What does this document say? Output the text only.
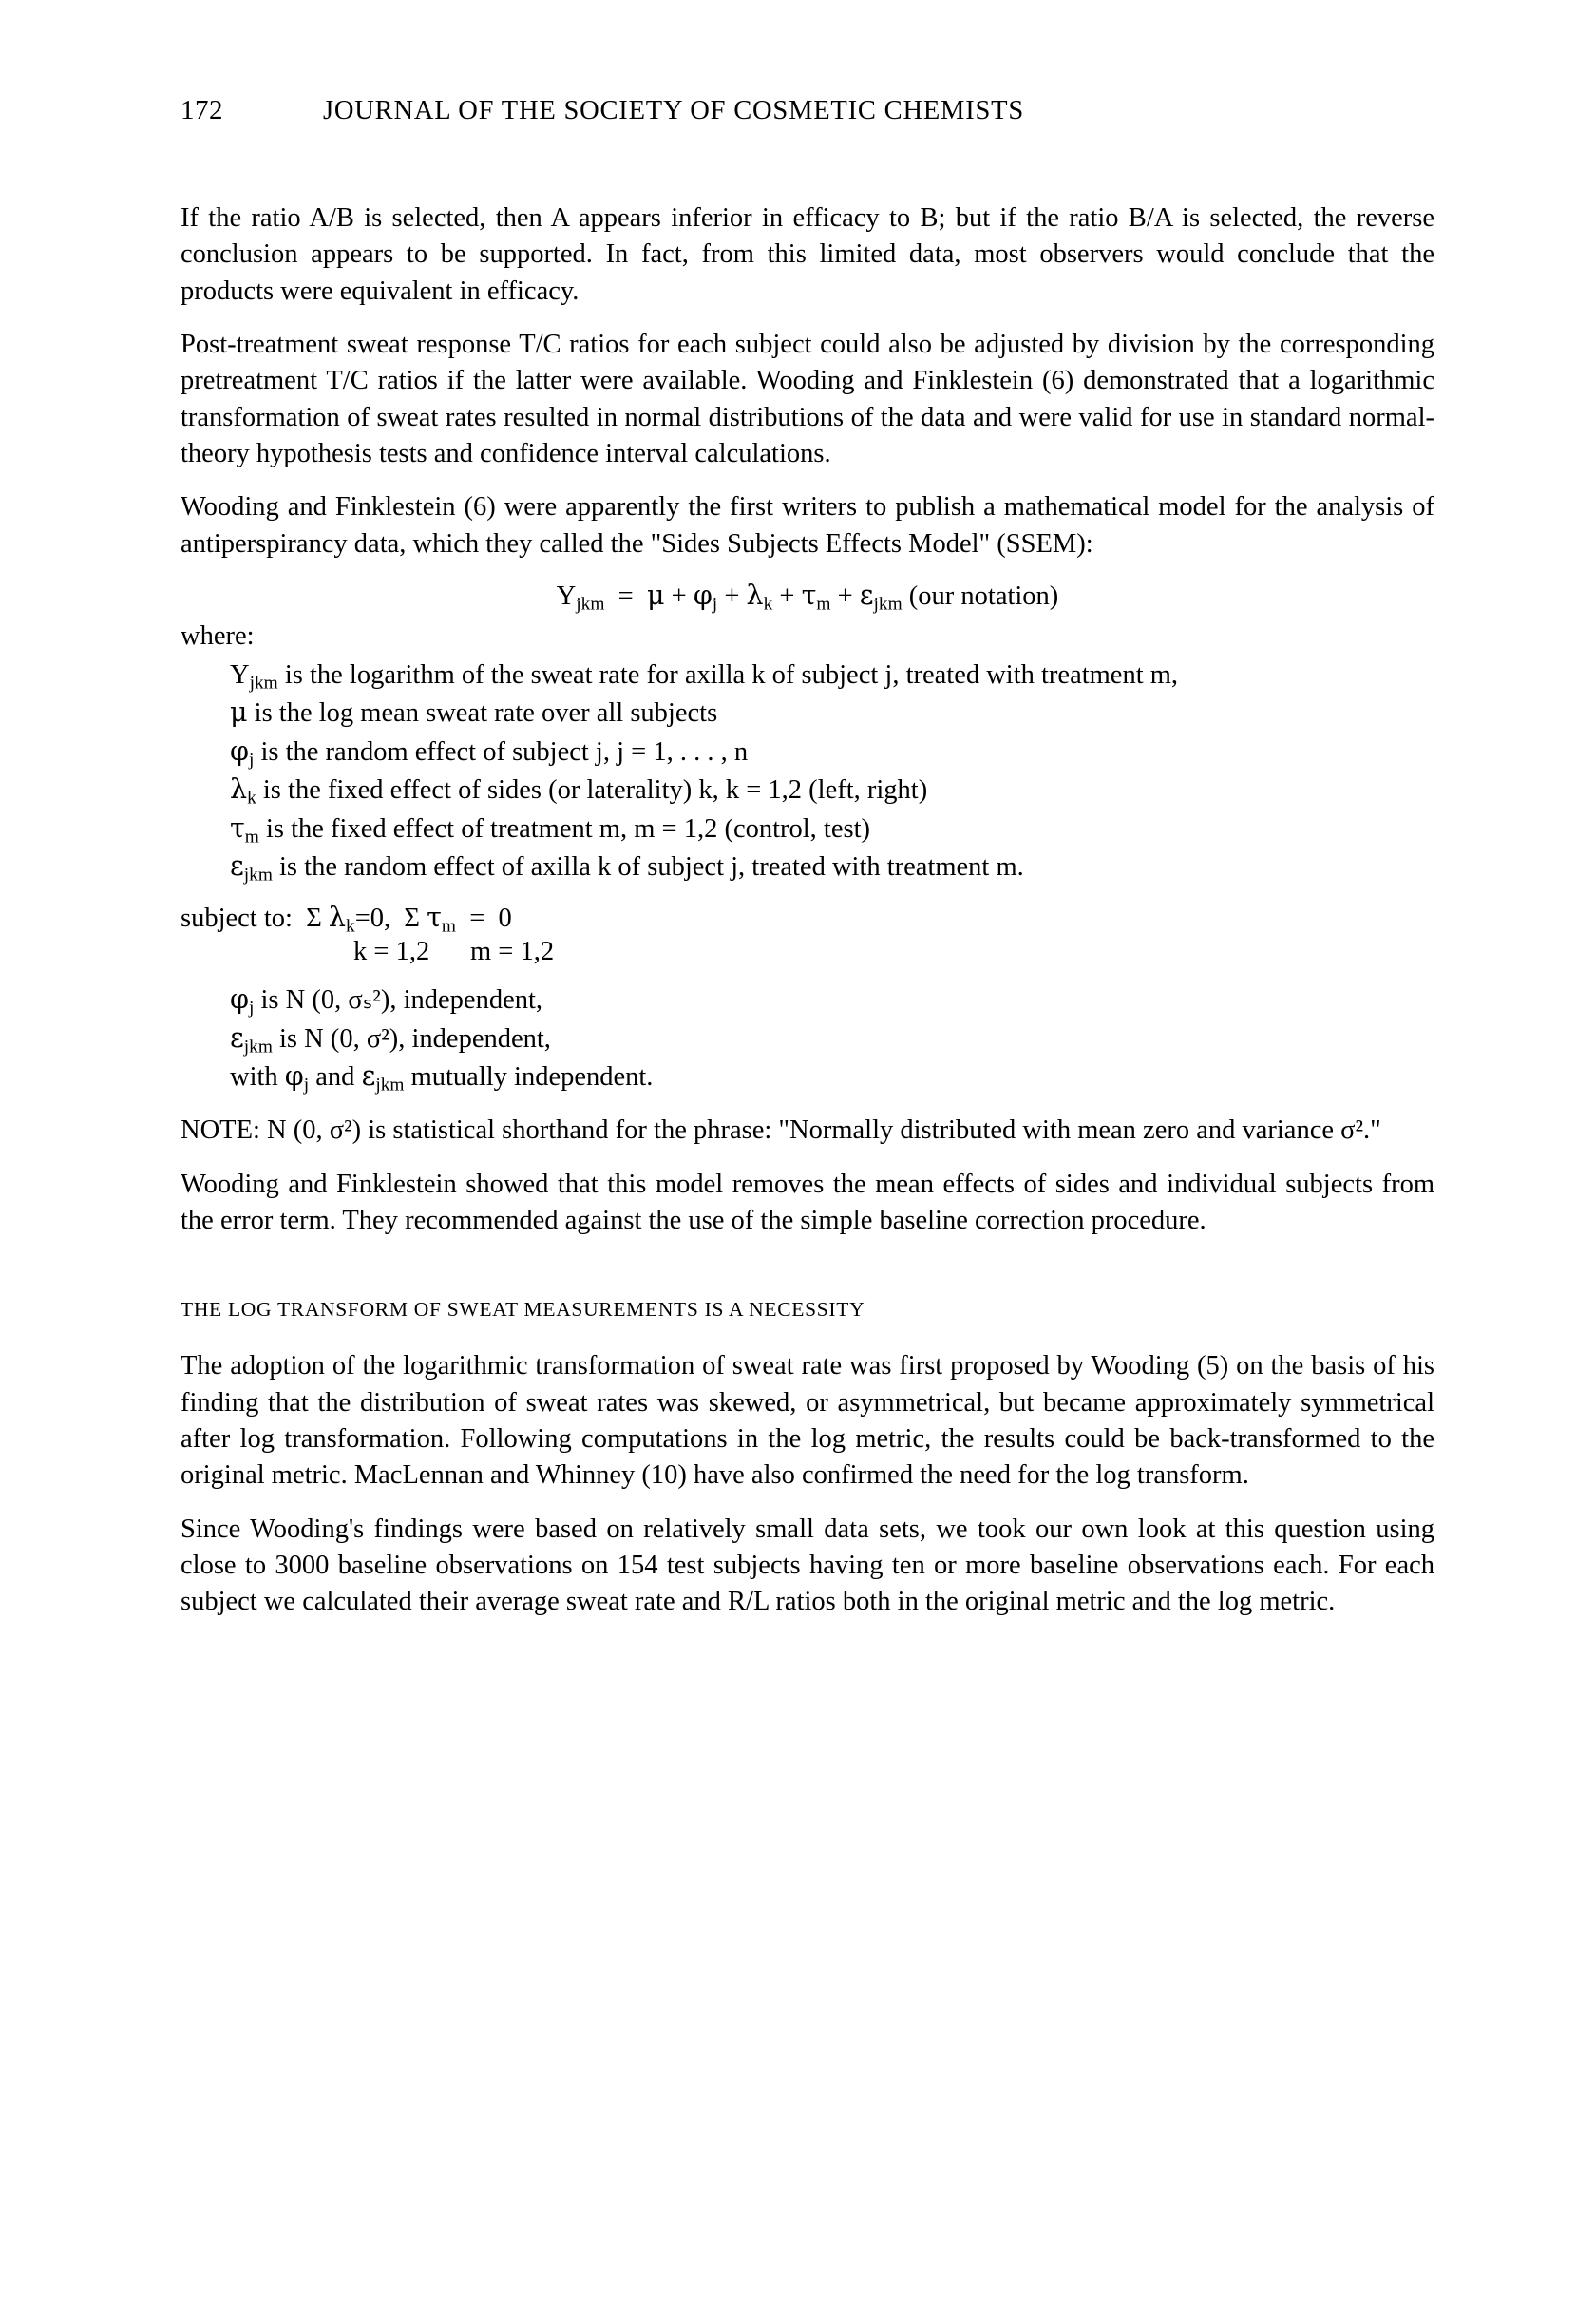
172	JOURNAL OF THE SOCIETY OF COSMETIC CHEMISTS

If the ratio A/B is selected, then A appears inferior in efficacy to B; but if the ratio B/A is selected, the reverse conclusion appears to be supported. In fact, from this limited data, most observers would conclude that the products were equivalent in efficacy.

Post-treatment sweat response T/C ratios for each subject could also be adjusted by division by the corresponding pretreatment T/C ratios if the latter were available. Wooding and Finklestein (6) demonstrated that a logarithmic transformation of sweat rates resulted in normal distributions of the data and were valid for use in standard normal-theory hypothesis tests and confidence interval calculations.

Wooding and Finklestein (6) were apparently the first writers to publish a mathematical model for the analysis of antiperspirancy data, which they called the "Sides Subjects Effects Model" (SSEM):

$Y_{jkm} = \mu + \varphi_j + \lambda_k + \tau_m + \varepsilon_{jkm}$ (our notation)
where:
$Y_{jkm}$ is the logarithm of the sweat rate for axilla k of subject j, treated with treatment m,
μ is the log mean sweat rate over all subjects
$\varphi_j$ is the random effect of subject j, j = 1, . . . , n
$\lambda_k$ is the fixed effect of sides (or laterality) k, k = 1,2 (left, right)
$\tau_m$ is the fixed effect of treatment m, m = 1,2 (control, test)
$\varepsilon_{jkm}$ is the random effect of axilla k of subject j, treated with treatment m.
subject to:  Σ $\lambda_k=0$,  Σ $\tau_m = 0$
k = 1,2 m = 1,2
$\varphi_j$ is N (0, σₛ²), independent,
$\varepsilon_{jkm}$ is N (0, σ²), independent,
with $\varphi_j$ and $\varepsilon_{jkm}$ mutually independent.

NOTE: N (0, σ²) is statistical shorthand for the phrase: "Normally distributed with mean zero and variance σ²."

Wooding and Finklestein showed that this model removes the mean effects of sides and individual subjects from the error term. They recommended against the use of the simple baseline correction procedure.

THE LOG TRANSFORM OF SWEAT MEASUREMENTS IS A NECESSITY

The adoption of the logarithmic transformation of sweat rate was first proposed by Wooding (5) on the basis of his finding that the distribution of sweat rates was skewed, or asymmetrical, but became approximately symmetrical after log transformation. Following computations in the log metric, the results could be back-transformed to the original metric. MacLennan and Whinney (10) have also confirmed the need for the log transform.

Since Wooding's findings were based on relatively small data sets, we took our own look at this question using close to 3000 baseline observations on 154 test subjects having ten or more baseline observations each. For each subject we calculated their average sweat rate and R/L ratios both in the original metric and the log metric.
